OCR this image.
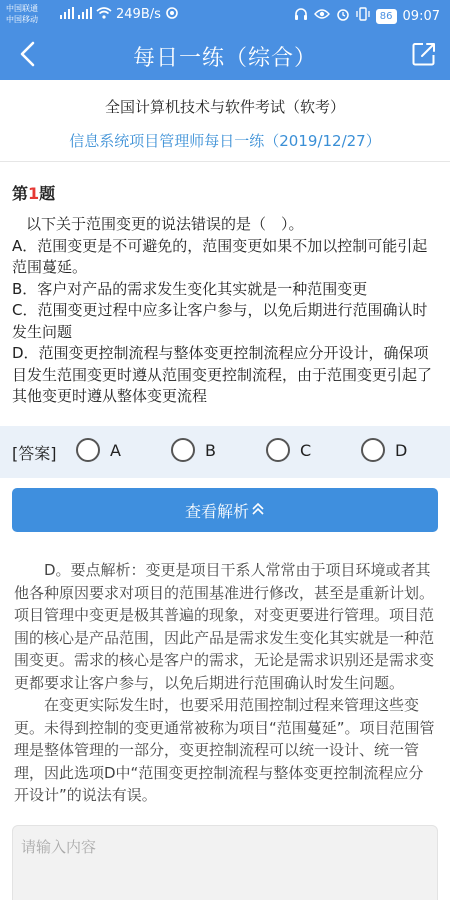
中国联通
中国移动	249B/s	86 09:07
每日一练（综合）
全国计算机技术与软件考试（软考）
信息系统项目管理师每日一练（2019/12/27）
第1题

以下关于范围变更的说法错误的是（　）。

A．范围变更是不可避免的，范围变更如果不加以控制可能引起范围蔓延。

B．客户对产品的需求发生变化其实就是一种范围变更

C．范围变更过程中应多让客户参与，以免后期进行范围确认时发生问题

D．范围变更控制流程与整体变更控制流程应分开设计，确保项目发生范围变更时遵从范围变更控制流程，由于范围变更引起了其他变更时遵从整体变更流程

[答案]	A	B	C	D
查看解析

D。要点解析：变更是项目干系人常常由于项目环境或者其他各种原因要求对项目的范围基准进行修改，甚至是重新计划。项目管理中变更是极其普遍的现象，对变更要进行管理。项目范围的核心是产品范围，因此产品是需求发生变化其实就是一种范围变更。需求的核心是客户的需求，无论是需求识别还是需求变更都要求让客户参与，以免后期进行范围确认时发生问题。

在变更实际发生时，也要采用范围控制过程来管理这些变更。未得到控制的变更通常被称为项目“范围蔓延”。项目范围管理是整体管理的一部分，变更控制流程可以统一设计、统一管理，因此选项D中“范围变更控制流程与整体变更控制流程应分开设计”的说法有误。

请输入内容
